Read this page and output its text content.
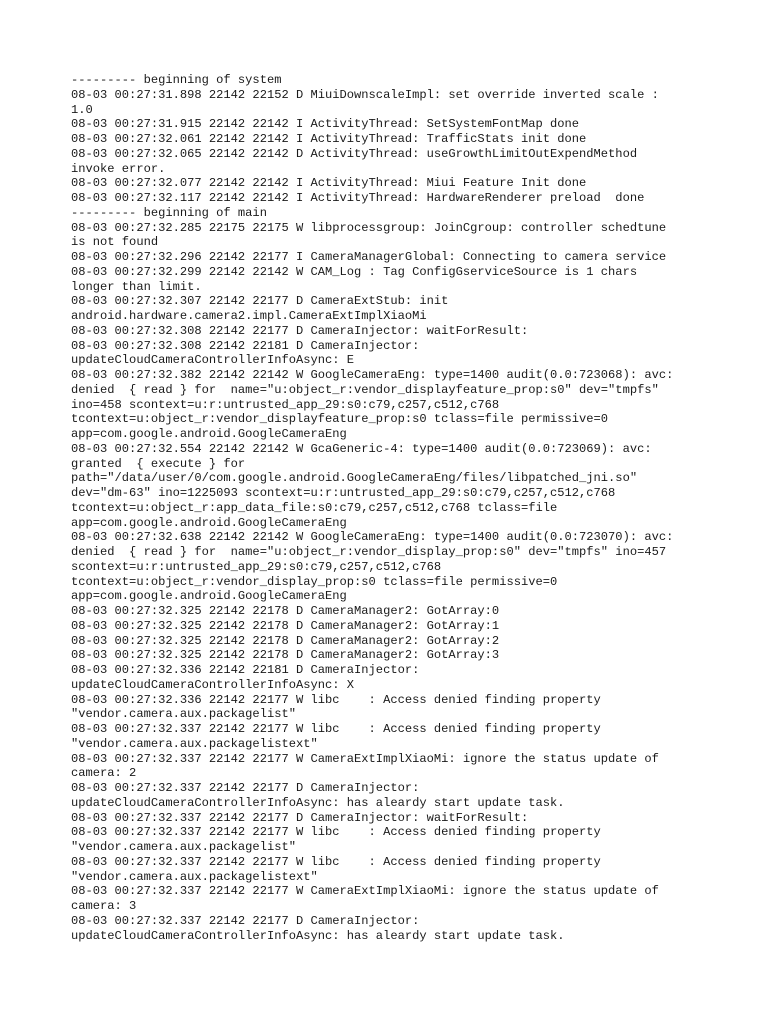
--------- beginning of system
08-03 00:27:31.898 22142 22152 D MiuiDownscaleImpl: set override inverted scale :
1.0
08-03 00:27:31.915 22142 22142 I ActivityThread: SetSystemFontMap done
08-03 00:27:32.061 22142 22142 I ActivityThread: TrafficStats init done
08-03 00:27:32.065 22142 22142 D ActivityThread: useGrowthLimitOutExpendMethod
invoke error.
08-03 00:27:32.077 22142 22142 I ActivityThread: Miui Feature Init done
08-03 00:27:32.117 22142 22142 I ActivityThread: HardwareRenderer preload  done
--------- beginning of main
08-03 00:27:32.285 22175 22175 W libprocessgroup: JoinCgroup: controller schedtune
is not found
08-03 00:27:32.296 22142 22177 I CameraManagerGlobal: Connecting to camera service
08-03 00:27:32.299 22142 22142 W CAM_Log : Tag ConfigGserviceSource is 1 chars
longer than limit.
08-03 00:27:32.307 22142 22177 D CameraExtStub: init
android.hardware.camera2.impl.CameraExtImplXiaoMi
08-03 00:27:32.308 22142 22177 D CameraInjector: waitForResult:
08-03 00:27:32.308 22142 22181 D CameraInjector:
updateCloudCameraControllerInfoAsync: E
08-03 00:27:32.382 22142 22142 W GoogleCameraEng: type=1400 audit(0.0:723068): avc:
denied  { read } for  name="u:object_r:vendor_displayfeature_prop:s0" dev="tmpfs"
ino=458 scontext=u:r:untrusted_app_29:s0:c79,c257,c512,c768
tcontext=u:object_r:vendor_displayfeature_prop:s0 tclass=file permissive=0
app=com.google.android.GoogleCameraEng
08-03 00:27:32.554 22142 22142 W GcaGeneric-4: type=1400 audit(0.0:723069): avc:
granted  { execute } for
path="/data/user/0/com.google.android.GoogleCameraEng/files/libpatched_jni.so"
dev="dm-63" ino=1225093 scontext=u:r:untrusted_app_29:s0:c79,c257,c512,c768
tcontext=u:object_r:app_data_file:s0:c79,c257,c512,c768 tclass=file
app=com.google.android.GoogleCameraEng
08-03 00:27:32.638 22142 22142 W GoogleCameraEng: type=1400 audit(0.0:723070): avc:
denied  { read } for  name="u:object_r:vendor_display_prop:s0" dev="tmpfs" ino=457
scontext=u:r:untrusted_app_29:s0:c79,c257,c512,c768
tcontext=u:object_r:vendor_display_prop:s0 tclass=file permissive=0
app=com.google.android.GoogleCameraEng
08-03 00:27:32.325 22142 22178 D CameraManager2: GotArray:0
08-03 00:27:32.325 22142 22178 D CameraManager2: GotArray:1
08-03 00:27:32.325 22142 22178 D CameraManager2: GotArray:2
08-03 00:27:32.325 22142 22178 D CameraManager2: GotArray:3
08-03 00:27:32.336 22142 22181 D CameraInjector:
updateCloudCameraControllerInfoAsync: X
08-03 00:27:32.336 22142 22177 W libc    : Access denied finding property
"vendor.camera.aux.packagelist"
08-03 00:27:32.337 22142 22177 W libc    : Access denied finding property
"vendor.camera.aux.packagelistext"
08-03 00:27:32.337 22142 22177 W CameraExtImplXiaoMi: ignore the status update of
camera: 2
08-03 00:27:32.337 22142 22177 D CameraInjector:
updateCloudCameraControllerInfoAsync: has aleardy start update task.
08-03 00:27:32.337 22142 22177 D CameraInjector: waitForResult:
08-03 00:27:32.337 22142 22177 W libc    : Access denied finding property
"vendor.camera.aux.packagelist"
08-03 00:27:32.337 22142 22177 W libc    : Access denied finding property
"vendor.camera.aux.packagelistext"
08-03 00:27:32.337 22142 22177 W CameraExtImplXiaoMi: ignore the status update of
camera: 3
08-03 00:27:32.337 22142 22177 D CameraInjector:
updateCloudCameraControllerInfoAsync: has aleardy start update task.
